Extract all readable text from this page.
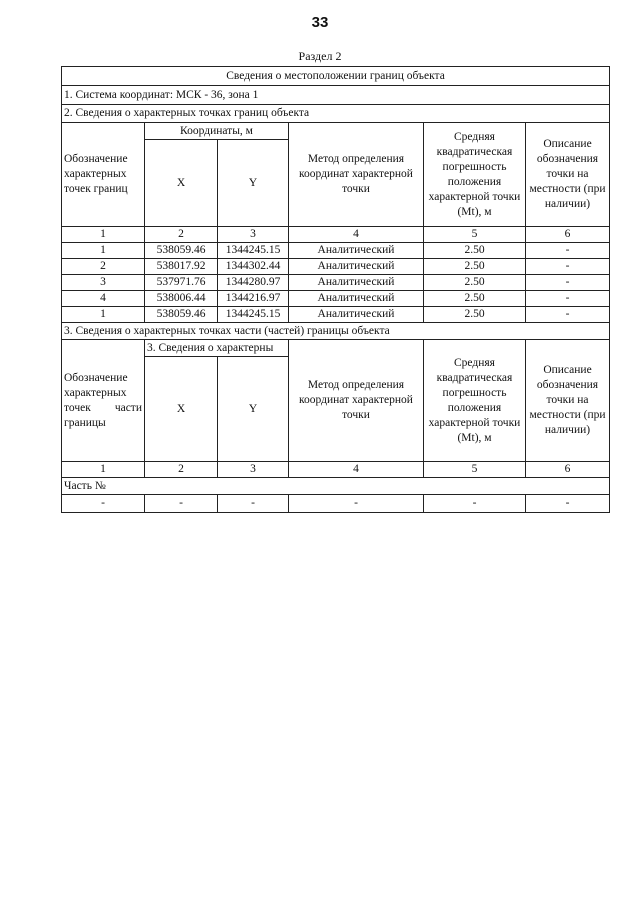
33
Раздел 2
Сведения о местоположении границ объекта					
1. Система координат: МСК - 36, зона 1					
2. Сведения о характерных точках границ объекта					
Обозначение характерных точек границ	Координаты, м		Метод определения координат характерной точки	Средняя квадратическая погрешность положения характерной точки (Mt), м	Описание обозначения точки на местности (при наличии)
	X	Y			
1	2	3	4	5	6
1	538059.46	1344245.15	Аналитический	2.50	-
2	538017.92	1344302.44	Аналитический	2.50	-
3	537971.76	1344280.97	Аналитический	2.50	-
4	538006.44	1344216.97	Аналитический	2.50	-
1	538059.46	1344245.15	Аналитический	2.50	-
3. Сведения о характерных точках части (частей) границы объекта					
Обозначение характерных точек части границы	3. Сведения о характерны		Метод определения координат характерной точки	Средняя квадратическая погрешность положения характерной точки (Mt), м	Описание обозначения точки на местности (при наличии)
	X	Y			
1	2	3	4	5	6
Часть №					
-	-	-	-	-	-
